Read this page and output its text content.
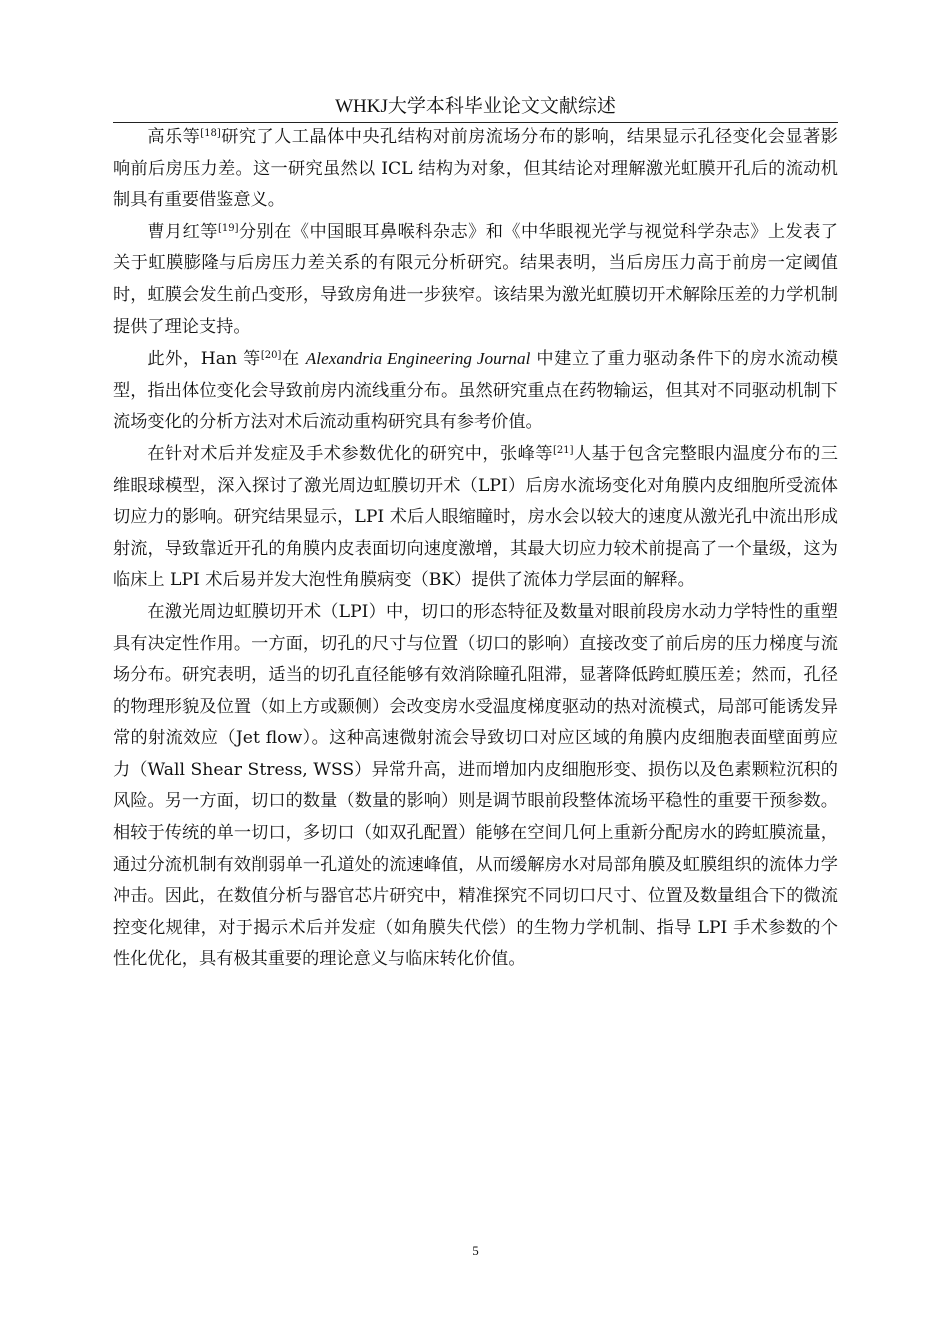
WHKJ大学本科毕业论文文献综述

高乐等[18]研究了人工晶体中央孔结构对前房流场分布的影响，结果显示孔径变化会显著影响前后房压力差。这一研究虽然以 ICL 结构为对象，但其结论对理解激光虹膜开孔后的流动机制具有重要借鉴意义。

曹月红等[19]分别在《中国眼耳鼻喉科杂志》和《中华眼视光学与视觉科学杂志》上发表了关于虹膜膨隆与后房压力差关系的有限元分析研究。结果表明，当后房压力高于前房一定阈值时，虹膜会发生前凸变形，导致房角进一步狭窄。该结果为激光虹膜切开术解除压差的力学机制提供了理论支持。

此外，Han 等[20]在 Alexandria Engineering Journal 中建立了重力驱动条件下的房水流动模型，指出体位变化会导致前房内流线重分布。虽然研究重点在药物输运，但其对不同驱动机制下流场变化的分析方法对术后流动重构研究具有参考价值。

在针对术后并发症及手术参数优化的研究中，张峰等[21]人基于包含完整眼内温度分布的三维眼球模型，深入探讨了激光周边虹膜切开术（LPI）后房水流场变化对角膜内皮细胞所受流体切应力的影响。研究结果显示，LPI 术后人眼缩瞳时，房水会以较大的速度从激光孔中流出形成射流，导致靠近开孔的角膜内皮表面切向速度激增，其最大切应力较术前提高了一个量级，这为临床上 LPI 术后易并发大泡性角膜病变（BK）提供了流体力学层面的解释。

在激光周边虹膜切开术（LPI）中，切口的形态特征及数量对眼前段房水动力学特性的重塑具有决定性作用。一方面，切孔的尺寸与位置（切口的影响）直接改变了前后房的压力梯度与流场分布。研究表明，适当的切孔直径能够有效消除瞳孔阻滞，显著降低跨虹膜压差；然而，孔径的物理形貌及位置（如上方或颞侧）会改变房水受温度梯度驱动的热对流模式，局部可能诱发异常的射流效应（Jet flow）。这种高速微射流会导致切口对应区域的角膜内皮细胞表面壁面剪应力（Wall Shear Stress, WSS）异常升高，进而增加内皮细胞形变、损伤以及色素颗粒沉积的风险。另一方面，切口的数量（数量的影响）则是调节眼前段整体流场平稳性的重要干预参数。相较于传统的单一切口，多切口（如双孔配置）能够在空间几何上重新分配房水的跨虹膜流量，通过分流机制有效削弱单一孔道处的流速峰值，从而缓解房水对局部角膜及虹膜组织的流体力学冲击。因此，在数值分析与器官芯片研究中，精准探究不同切口尺寸、位置及数量组合下的微流控变化规律，对于揭示术后并发症（如角膜失代偿）的生物力学机制、指导 LPI 手术参数的个性化优化，具有极其重要的理论意义与临床转化价值。

5
